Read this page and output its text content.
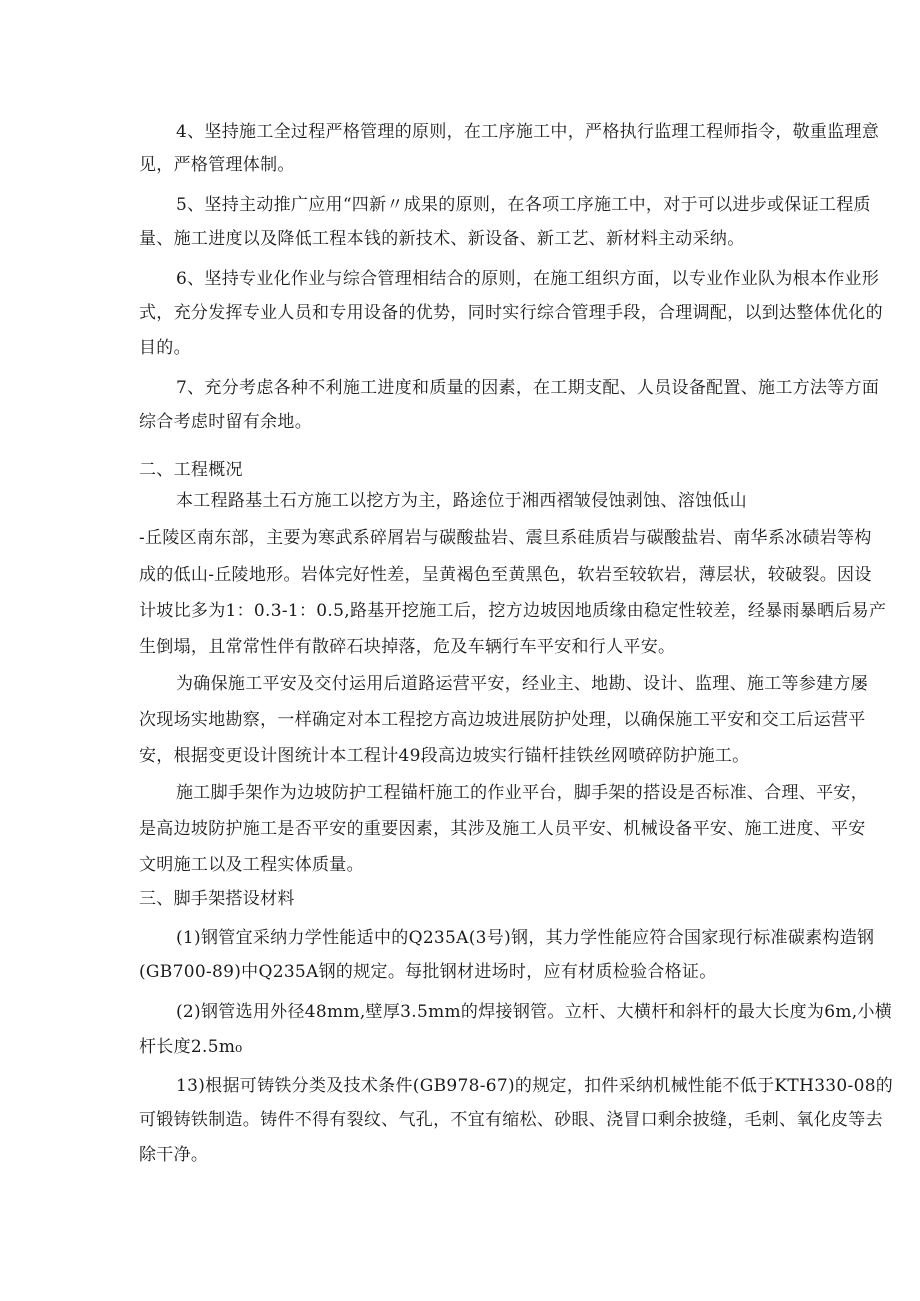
4、坚持施工全过程严格管理的原则，在工序施工中，严格执行监理工程师指令，敬重监理意
见，严格管理体制。
5、坚持主动推广应用“四新〃成果的原则，在各项工序施工中，对于可以进步或保证工程质
量、施工进度以及降低工程本钱的新技术、新设备、新工艺、新材料主动采纳。
6、坚持专业化作业与综合管理相结合的原则，在施工组织方面，以专业作业队为根本作业形
式，充分发挥专业人员和专用设备的优势，同时实行综合管理手段，合理调配，以到达整体优化的
目的。
7、充分考虑各种不利施工进度和质量的因素，在工期支配、人员设备配置、施工方法等方面
综合考虑时留有余地。
二、工程概况
本工程路基土石方施工以挖方为主，路途位于湘西褶皱侵蚀剥蚀、溶蚀低山
-丘陵区南东部，主要为寒武系碎屑岩与碳酸盐岩、震旦系硅质岩与碳酸盐岩、南华系冰碛岩等构
成的低山-丘陵地形。岩体完好性差，呈黄褐色至黄黑色，软岩至较软岩，薄层状，较破裂。因设
计坡比多为1：0.3-1：0.5,路基开挖施工后，挖方边坡因地质缘由稳定性较差，经暴雨暴晒后易产
生倒塌，且常常性伴有散碎石块掉落，危及车辆行车平安和行人平安。
为确保施工平安及交付运用后道路运营平安，经业主、地勘、设计、监理、施工等参建方屡
次现场实地勘察，一样确定对本工程挖方高边坡进展防护处理，以确保施工平安和交工后运营平
安，根据变更设计图统计本工程计49段高边坡实行锚杆挂铁丝网喷碎防护施工。
施工脚手架作为边坡防护工程锚杆施工的作业平台，脚手架的搭设是否标准、合理、平安，
是高边坡防护施工是否平安的重要因素，其涉及施工人员平安、机械设备平安、施工进度、平安
文明施工以及工程实体质量。
三、脚手架搭设材料
(1)钢管宜采纳力学性能适中的Q235A(3号)钢，其力学性能应符合国家现行标准碳素构造钢
(GB700-89)中Q235A钢的规定。每批钢材进场时，应有材质检验合格证。
(2)钢管选用外径48mm,壁厚3.5mm的焊接钢管。立杆、大横杆和斜杆的最大长度为6m,小横
杆长度2.5m₀
13)根据可铸铁分类及技术条件(GB978-67)的规定，扣件采纳机械性能不低于KTH330-08的
可锻铸铁制造。铸件不得有裂纹、气孔，不宜有缩松、砂眼、浇冒口剩余披缝，毛刺、氧化皮等去
除干净。
